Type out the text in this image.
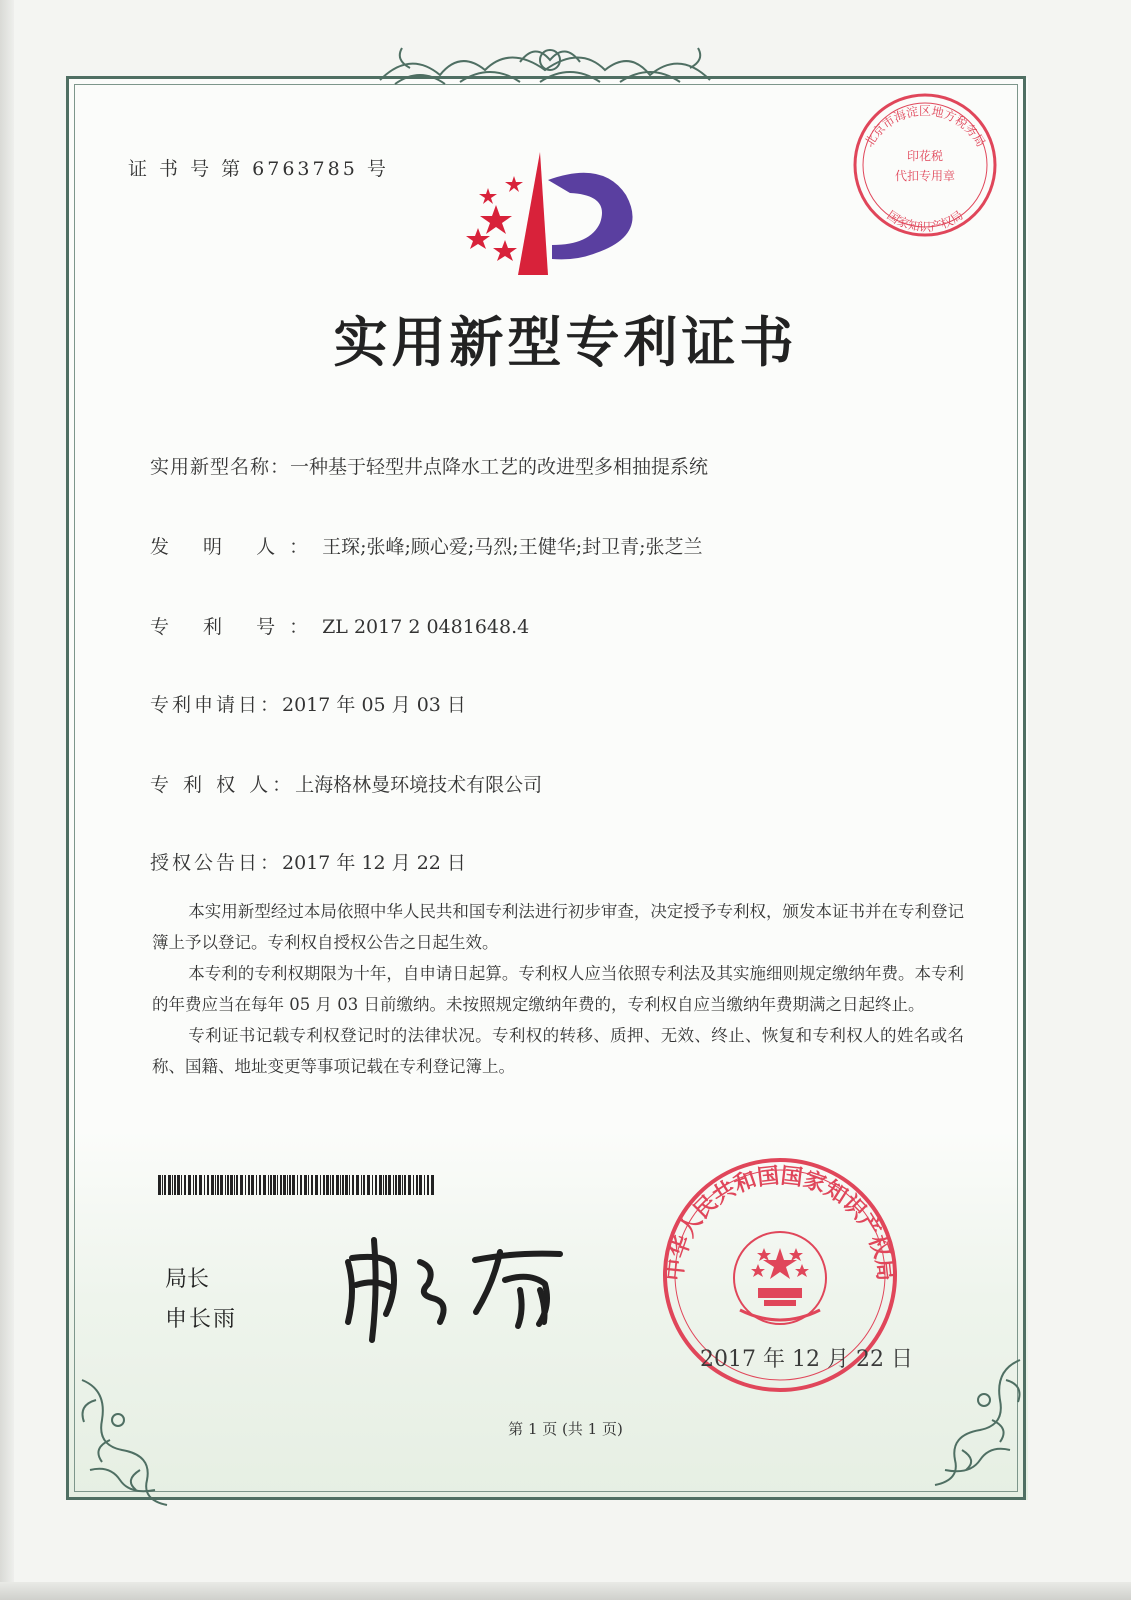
北京市海淀区地方税务局
印花税
代扣专用章
国家知识产权局
中华人民共和国国家知识产权局
证 书 号 第 6763785 号
实用新型专利证书
实用新型名称：一种基于轻型井点降水工艺的改进型多相抽提系统
发 明 人：王琛;张峰;顾心爱;马烈;王健华;封卫青;张芝兰
专 利 号：ZL 2017 2 0481648.4
专利申请日：2017 年 05 月 03 日
专 利 权 人：上海格林曼环境技术有限公司
授权公告日：2017 年 12 月 22 日

本实用新型经过本局依照中华人民共和国专利法进行初步审查，决定授予专利权，颁发本证书并在专利登记簿上予以登记。专利权自授权公告之日起生效。

本专利的专利权期限为十年，自申请日起算。专利权人应当依照专利法及其实施细则规定缴纳年费。本专利的年费应当在每年 05 月 03 日前缴纳。未按照规定缴纳年费的，专利权自应当缴纳年费期满之日起终止。

专利证书记载专利权登记时的法律状况。专利权的转移、质押、无效、终止、恢复和专利权人的姓名或名称、国籍、地址变更等事项记载在专利登记簿上。

局长
申长雨
2017 年 12 月 22 日
第 1 页 (共 1 页)
